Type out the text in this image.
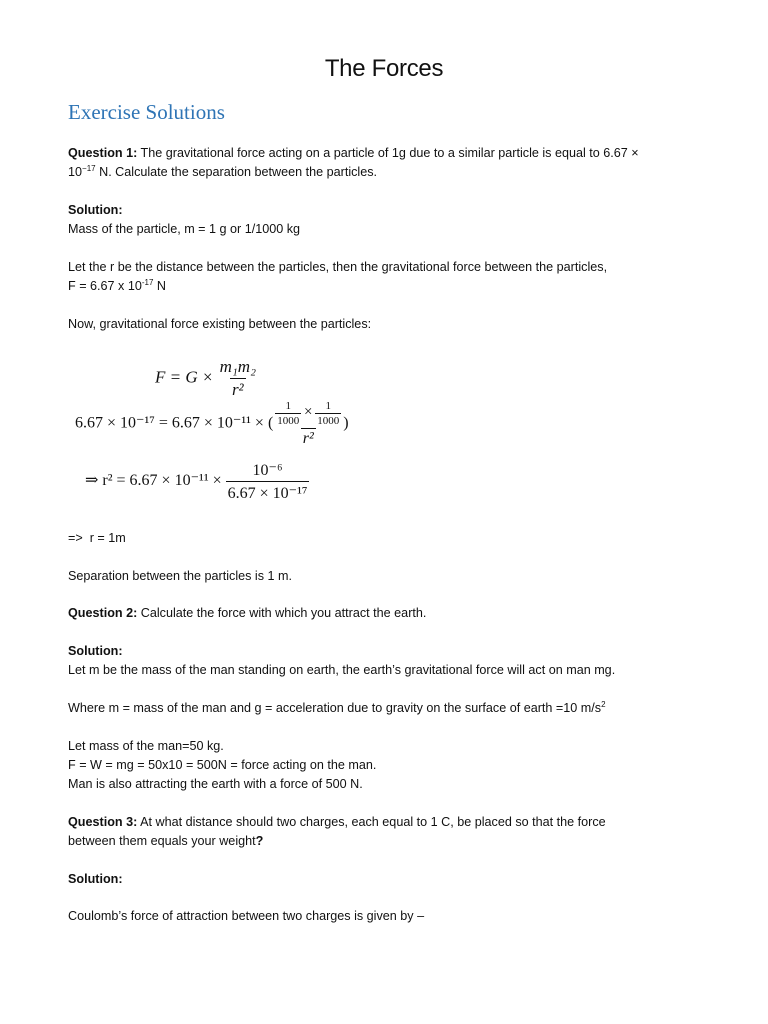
The Forces
Exercise Solutions
Question 1: The gravitational force acting on a particle of 1g due to a similar particle is equal to 6.67 ×
$10^{-17}$ N. Calculate the separation between the particles.
Solution:
Mass of the particle, m = 1 g or 1/1000 kg
Let the r be the distance between the particles, then the gravitational force between the particles,
F = 6.67 x $10^{-17}$ N
Now, gravitational force existing between the particles:
$F = G \times \frac{\text{m₁m₂}}{\text{r²}}$
6.67 × 10⁻¹⁷ = 6.67 × 10⁻¹¹ × ( $\frac{1}{1000} \times \frac{1}{1000}$
r²
)
⇒ $r^2 = 6.67 \times 10^{-11} \times \frac{\text{10⁻⁶}}{\text{6.67 × 10⁻¹⁷}}$
=>  r = 1m
Separation between the particles is 1 m.
Question 2: Calculate the force with which you attract the earth.
Solution:
Let m be the mass of the man standing on earth, the earth’s gravitational force will act on man mg.
Where m = mass of the man and g = acceleration due to gravity on the surface of earth =10 $m/s^2$
Let mass of the man=50 kg.
F = W = mg = 50x10 = 500N = force acting on the man.
Man is also attracting the earth with a force of 500 N.
Question 3: At what distance should two charges, each equal to 1 C, be placed so that the force
between them equals your weight?
Solution:
Coulomb’s force of attraction between two charges is given by –
